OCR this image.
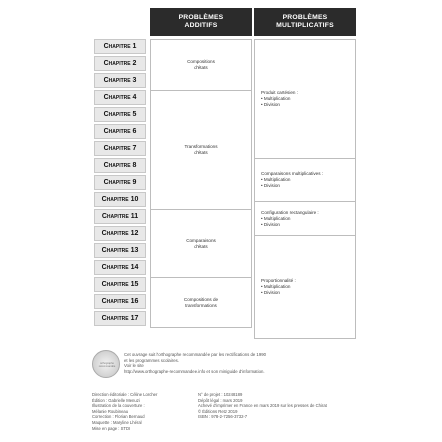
PROBLÈMES ADDITIFS
PROBLÈMES MULTIPLICATIFS
Chapitre 1
Chapitre 2
Chapitre 3
Chapitre 4
Chapitre 5
Chapitre 6
Chapitre 7
Chapitre 8
Chapitre 9
Chapitre 10
Chapitre 11
Chapitre 12
Chapitre 13
Chapitre 14
Chapitre 15
Chapitre 16
Chapitre 17
Compositions d'états
Transformations d'états
Comparaisons d'états
Compositions de transformations
Produit cartésien :
• Multiplication
• Division
Comparaisons multiplicatives :
• Multiplication
• Division
Configuration rectangulaire :
• Multiplication
• Division
Proportionnalité :
• Multiplication
• Division
orthographe recommandée
Cet ouvrage suit l'orthographe recommandée par les rectifications de 1990
et les programmes scolaires.
Voir le site
http://www.orthographe-recommandee.info et son miniguide d'information.
Direction éditoriale : Céline Lorcher
Édition : Gabrielle Menuzi
Illustration de la couverture :
Mélanie Roubineau
Correction : Florian Bernaud
Maquette : Maryline Lhéral
Mise en page : STDI
N° de projet : 10248189
Dépôt légal : mars 2019
Achevé d'imprimer en France en mars 2019 sur les presses de Chirat
© Éditions Retz 2019
ISBN : 978-2-7256-3732-7
